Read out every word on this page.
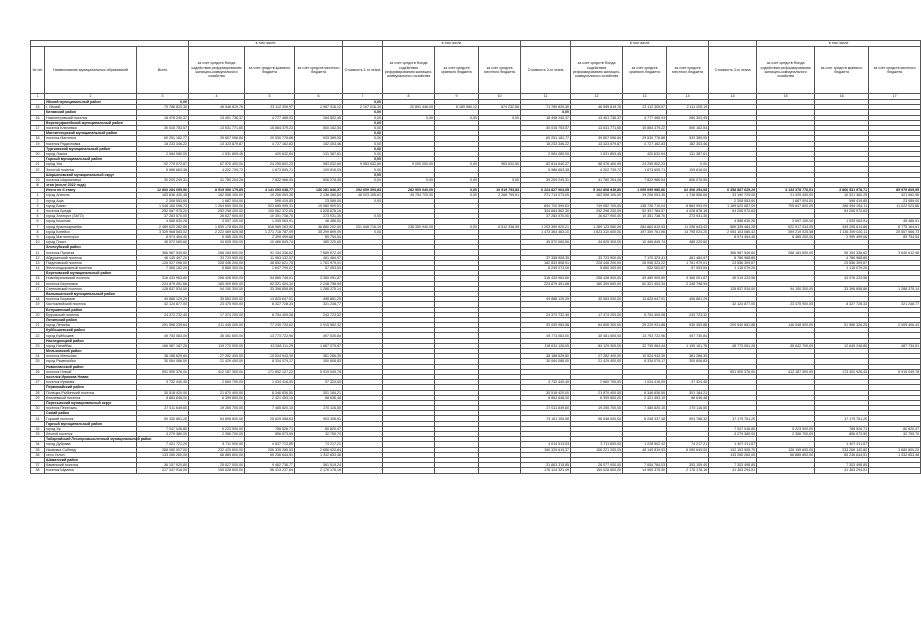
			в том числе				в том числе				в том числе				в том числе		
№ п/п	Наименование муниципальных образований	Всего	за счет средств Фонда содействия реформированию жилищно-коммунального хозяйства	за счет средств краевого бюджета	за счет средств местного бюджета	Стоимость 1-го этапа	за счет средств Фонда содействия реформированию жилищно-коммунального хозяйства	за счет средств краевого бюджета	за счет средств местного бюджета	Стоимость 2-го этапа	за счет средств Фонда содействия реформированию жилищно-коммунального хозяйства	за счет средств краевого бюджета	за счет средств местного бюджета	Стоимость 3-го этапа	за счет средств Фонда содействия реформированию жилищно-коммунального хозяйства	за счет средств краевого бюджета	за счет средств местного бюджета
1	2	3	4	5	6	7	8	9	10	11	12	13	14	14	15	16	17
	Уйский муниципальный район	0,00				0,00											
15	г. Уйский	70 786 820,30	46 546 819,76	23 112 309,97	1 087 316,12	2 107 016,30	20 891 446,00	6 180 980,12	874 232,56	71 789 820,30	46 595 819,76	23 112 309,97	2 111 205,19				
	Катавский район					0,00				0,00							
16	Нязепетровский поселок	18 478 240,37	13 401 736,37	4 777 485,93	184 502,45	0,00	0,00	0,00	0,00	18 498 240,37	13 401 736,37	4 777 485,93	284 302,45				
	Верхнеуфалейский муниципальный район					0,00											
17	поселок Ключевка	30 015 753,57	13 631 771,60	15 884 379,22	500 162,54	0,00				30 015 753,57	13 631 771,60	15 884 379,22	500 162,54				
	Магнитогорский муниципальный район					0,00											
18	поселок Магнитка	60 251 182,77	39 807 056,84	29 530 776,88	933 389,05	0,00				60 251 182,77	39 807 056,84	29 530 776,88	933 389,05				
19	поселок Радионовка	18 233 346,22	13 323 879,87	4 727 162,83	182 303,46	0,00				18 233 346,22	13 323 879,87	4 727 162,83	182 303,46				
	Тургоякский муниципальный район					0,00											
20	город Ложна	2 084 080,00	1 531 809,45	420 632,94	131 387,61	0,00				2 084 080,00	1 531 809,45	420 632,94	131 387,61				
	Горный муниципальный район					0,00											
21	город Ука	92 779 072,87	67 570 400,00	24 255 602,23	983 532,60	9 983 632,60	9 000 000,00	0,00	983 632,60	82 814 640,27	58 576 400,00	24 255 602,23	0,00				
22	Золотой поселок	5 986 663,38	4 202 739,72	1 673 605,71	109 816,00	0,00				5 986 663,38	4 202 739,72	1 673 605,71	109 816,00				
	Ширьяновский муниципальный округ					0,00											
23	поселок Ширьяновка	30 209 249,31	41 780 204,26	7 822 966,54	606 078,55	0,00	0,00	0,00	0,00	30 209 249,31	41 780 204,26	7 822 966,54	606 078,55				
II	этап (после 2022 года)																
	Итого по II этапу	12 800 284 095,56	8 519 309 179,85	4 141 693 038,77	136 281 846,97	292 009 393,83	282 900 040,00	0,00	10 919 753,83	6 224 827 064,05	5 102 808 949,80	1 059 099 980,86	62 308 254,08	6 358 887 629,29	3 133 378 776,01	3 866 531 978,71	85 979 805,95
1	город Агаполь	183 836 430,48	162 558 100,00	19 206 053,35	2 138 366,84	48 023 155,61	45 754 720,00	0,00	2 268 799,61	271 713 073,05	162 558 100,00	19 206 053,35	1 748 556,66	33 190 729,00	21 439 400,00	10 321 360,25	321 962,96
2	город Аша	2 308 553,60	1 687 004,00	598 419,85	23 089,00	0,00								2 308 553,60	1 687 004,00	598 419,85	23 089,00
3	город Бакал	1 048 160 096,73	1 254 690 300,00	523 685 995,31	19 980 900,51					894 720 599,63	749 082 700,00	136 726 710,04	8 863 993,09	1 189 620 687,09	705 647 800,00	286 954 264,11	11 022 023,86
4	поселок Бреды	292 087 975,20	292 298 200,00	100 562 372,05	4 028 878,16					344 684 862,30	292 298 200,00	52 307 784,07	4 028 878,16	54 206 973,63		54 206 973,63	
5	город Златоуст (ЗАТО)	37 283 570,00	26 627 900,00	10 351 738,70	273 931,30	0,00				37 283 570,00	26 627 900,00	10 351 738,70	273 931,30				
6	город Кыштым	4 568 630,26	3 597 100,00	1 005 063,91	46 486,51									4 568 630,26	3 597 100,00	1 005 063,91	46 486,51
7	город Красноармейск	2 489 629 282,86	1 839 178 854,05	616 989 263,92	36 880 202,50	201 648 716,19	236 350 940,00	0,00	6 512 336,59	1 203 399 520,21	1 289 123 080,00	284 864 819,93	11 296 643,42	589 339 484,28	522 517 034,05	349 295 814,86	8 775 164,61
8	город Копейск	3 329 968 083,02	2 222 469 625,58	1 271 718 787,09	35 299 899,09	0,00				1 473 364 463,10	1 823 310 600,00	197 359 761,98	14 795 024,20	2 054 103 585,42	399 219 025,58	1 136 399 020,11	20 507 566,73
9	город Магнитогорск	8 974 454,40	6 485 200,00	2 399 499,66	89 754,54									8 974 454,40	6 485 200,00	2 399 499,66	89 754,54
10	город Пласт	45 572 060,60	34 625 300,00	10 466 845,74	485 220,60					45 572 060,60	34 625 300,00	10 466 845,74	485 220,60				
	Злотоуйский район																
11	поселок Палатка	366 987 549,60	268 183 600,00	91 154 336,62	7 689 672,40									366 987 549,60	268 183 600,00	95 154 336,62	3 649 612,98
12	Абдулинский поселок	46 145 497,20	33 723 900,00	11 963 132,57	461 484,97					37 358 508,35	33 723 900,00	7 170 323,41	461 484,97	8 786 988,85		4 786 988,85	
13	Пируновский поселок	126 027 096,00	228 446 200,00	48 652 621,75	1 761 979,01					182 833 808,91	228 446 200,00	28 098 323,22	1 761 979,01	23 556 309,67		23 556 309,67	
14	Железнодорожный поселок	7 365 152,20	5 660 300,00	1 647 799,07	57 053,53					6 249 073,00	5 660 300,00	532 083,87	57 053,53	1 116 079,20		1 116 079,20	
	Березовский муниципальный район																
15	Новоберезовский поселок	316 433 963,80	258 428 900,00	54 865 748,01	3 365 991,87					316 433 963,80	258 428 900,00	49 489 909,89	3 365 001,87	49 019 224,96		43 076 224,96	
16	поселок Березовка	224 879 491,68	160 309 600,00	62 321 404,34	2 248 798,94					224 879 491,68	160 309 600,00	62 321 404,34	2 248 798,94				
17	Степновский поселок	128 837 534,00	94 150 300,00	33 398 858,86	1 288 375,14									128 837 534,00	94 150 300,00	33 398 858,86	1 288 375,14
	Вальяшинский муниципальный район																
18	поселок Бирюзов	49 888 129,29	35 563 000,00	13 825 647,91	498 881,29					49 888 129,29	35 563 000,00	13 825 647,91	498 881,29				
19	Чистоклюйский поселок	32 124 877,00	23 475 900,00	8 327 728,33	321 248,77									32 124 877,00	23 475 900,00	8 327 728,33	321 248,77
	Белушинский район																
20	Бугровский поселок	24 372 732,40	17 374 200,00	6 754 409,08	243 723,32					24 372 732,40	17 374 200,00	6 754 409,08	243 723,32				
	Ленинский район																
21	город Ленинск	291 596 239,64	211 445 200,00	77 235 733,62	2 915 962,32					93 005 983,56	64 896 300,00	25 229 931,88	930 353,88	200 540 852,88	146 548 900,00	51 986 326,25	2 005 406,43
	Куйбышевский район																
22	город Куйбышев	49 753 083,00	35 481 600,00	13 773 722,96	497 530,84					49 773 083,00	35 481 600,00	13 793 722,96	497 730,84				
	Наследницкий район																
23	город Нагайбак	166 987 187,20	119 770 000,00	43 548 111,29	1 667 075,87					118 034 126,05	84 129 300,00	32 705 564,44	1 199 161,76	48 773 061,26	35 642 700,00	12 645 246,80	487 734,51
	Мельковский район																
24	поселок Мельково	38 188 629,60	27 282 400,00	10 524 943,30	381 286,30					38 188 629,60	27 282 400,00	10 524 943,30	381 286,30				
25	город Ржавозойск	30 064 086,00	21 429 400,00	8 334 079,17	300 608,83					30 064 086,00	21 429 400,00	8 334 079,17	300 608,83				
	Новоеланский район																
26	поселок Новый	591 909 376,00	412 187 300,00	171 802 127,22	5 919 049,78									591 909 376,00	412 187 300,00	173 402 926,43	5 919 049,78
	поселок Ирякова Новая																
27	поселок Ирякова	3 732 440,40	2 660 700,00	1 034 416,00	37 324,40					3 732 440,40	2 660 700,00	1 034 416,00	37 324,40				
	Первомайский район																
28	Полецко-Рыбинский поселок	30 518 420,00	21 870 400,00	8 346 836,50	301 184,21					30 518 420,00	21 870 400,00	8 346 836,50	301 184,21				
29	Ключевской поселок	8 863 648,00	6 399 800,00	2 421 453,10	88 636,48					8 863 648,00	6 399 800,00	2 421 453,10	88 636,48				
	Пересыпский муниципальный округ																
30	поселок Пересыпь	27 011 649,60	19 255 700,00	7 485 820,10	270 116,50					27 011 649,60	19 255 700,00	7 485 820,10	270 116,50				
	Синий район																
31	Горский поселок	90 330 851,20	64 696 600,00	25 629 458,63	903 308,51					73 151 105,08	56 048 000,00	6 208 337,48	903 768,32	17 179 751,20		17 179 751,20	
	Горный муниципальный район																
32	город Уж	7 047 046,80	5 223 900,00	788 526,71	80 620,47									7 047 046,80	5 223 900,00	788 526,71	80 620,47
33	Лесной поселок	3 279 389,00	2 356 700,00	856 973,90	32 759,70									3 279 389,00	2 356 700,00	856 973,90	32 759,70
	Табаргайский Лесопромышленный муниципальный район																
34	город Дубрава	7 421 721,20	5 711 900,00	4 637 713,89	74 217,21					4 614 513,63	3 711 800,00	1 228 502,42	74 217,21	1 407 211,67		1 407 211,67	
35	Иковские Соблюд	368 080 007,00	232 420 800,00	206 335 285,53	2 686 920,84					160 329 619,37	106 221 200,00	48 149 819,93	6 080 649,00	192 153 905,70	126 199 600,00	233 268 142,80	3 680 800,20
36	село Уклон	133 265 260,00	66 885 800,00	65 256 644,51	1 332 653,48									133 265 260,00	66 885 800,00	65 236 644,51	1 332 653,48
	Шаматский район																
37	Каменский поселок	36 157 920,80	25 627 000,00	9 462 736,77	361 519,24					31 863 315,85	28 077 000,00	7 654 784,03	353 159,40	7 303 498,85		7 303 498,85	
38	поселок Шумиха	217 347 916,00	159 028 600,00	56 413 237,84	2 176 178,16					176 124 321,49	159 028 600,00	14 969 375,00	2 176 178,16	41 463 294,51		41 463 294,51	
